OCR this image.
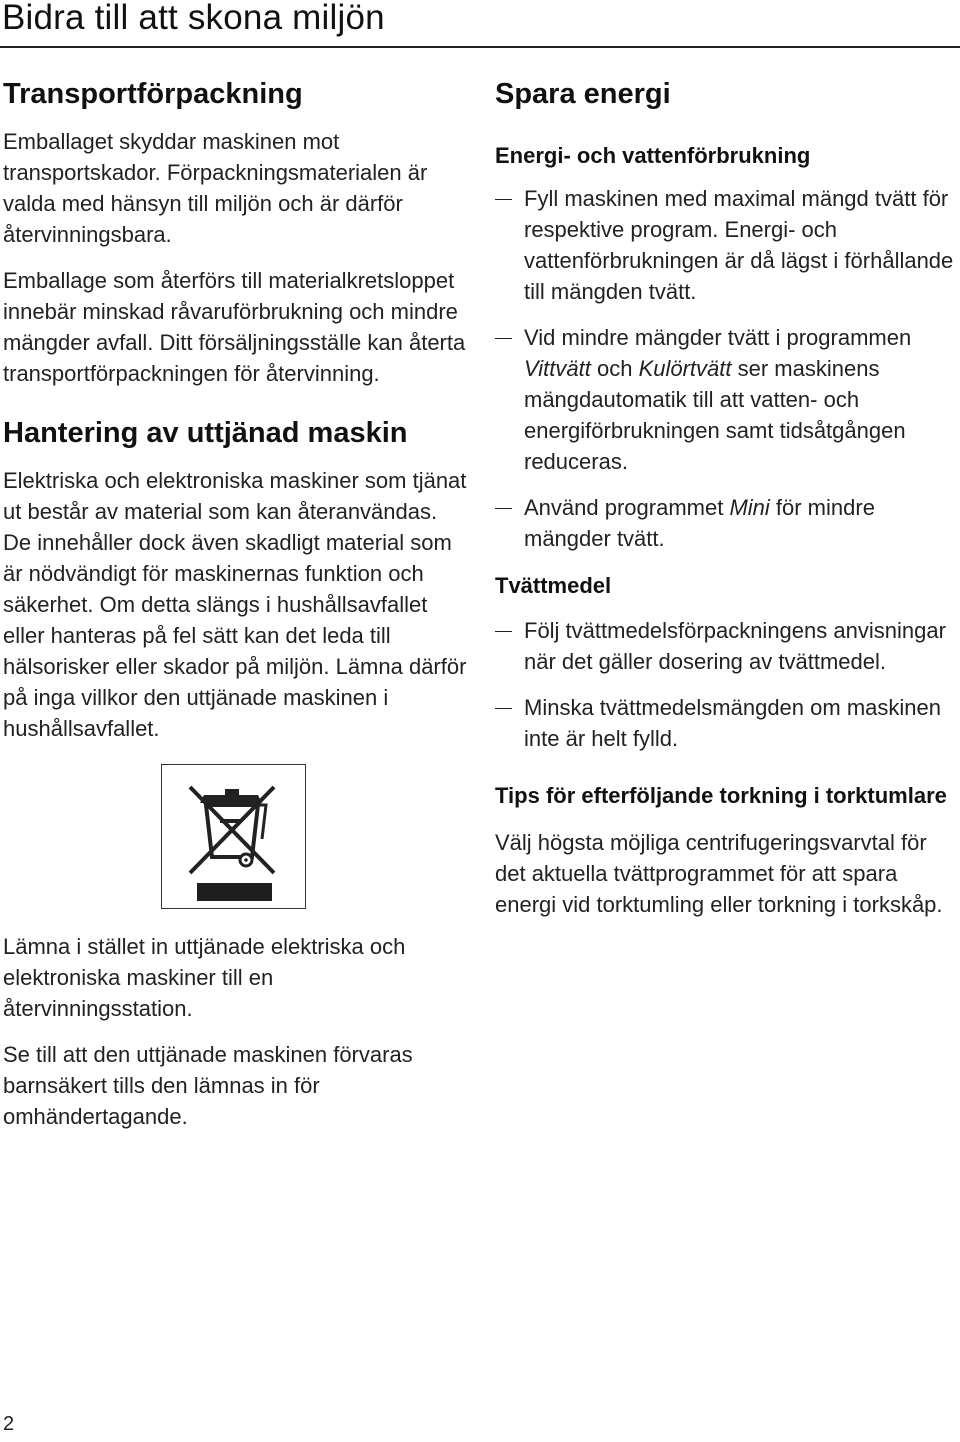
Bidra till att skona miljön
Transportförpackning

Emballaget skyddar maskinen mot transportskador. Förpackningsmaterialen är valda med hänsyn till miljön och är därför återvinningsbara.

Emballage som återförs till materialkretsloppet innebär minskad råvaruförbrukning och mindre mängder avfall. Ditt försäljningsställe kan återta transportförpackningen för återvinning.

Hantering av uttjänad maskin

Elektriska och elektroniska maskiner som tjänat ut består av material som kan återanvändas. De innehåller dock även skadligt material som är nödvändigt för maskinernas funktion och säkerhet. Om detta slängs i hushållsavfallet eller hanteras på fel sätt kan det leda till hälsorisker eller skador på miljön. Lämna därför på inga villkor den uttjänade maskinen i hushållsavfallet.

Lämna i stället in uttjänade elektriska och elektroniska maskiner till en återvinningsstation.

Se till att den uttjänade maskinen förvaras barnsäkert tills den lämnas in för omhändertagande.

Spara energi
Energi- och vattenförbrukning
Fyll maskinen med maximal mängd tvätt för respektive program. Energi- och vattenförbrukningen är då lägst i förhållande till mängden tvätt.
Vid mindre mängder tvätt i programmen Vittvätt och Kulörtvätt ser maskinens mängdautomatik till att vatten- och energiförbrukningen samt tidsåtgången reduceras.
Använd programmet Mini för mindre mängder tvätt.
Tvättmedel
Följ tvättmedelsförpackningens anvisningar när det gäller dosering av tvättmedel.
Minska tvättmedelsmängden om maskinen inte är helt fylld.
Tips för efterföljande torkning i torktumlare

Välj högsta möjliga centrifugeringsvarvtal för det aktuella tvättprogrammet för att spara energi vid torktumling eller torkning i torkskåp.

2
